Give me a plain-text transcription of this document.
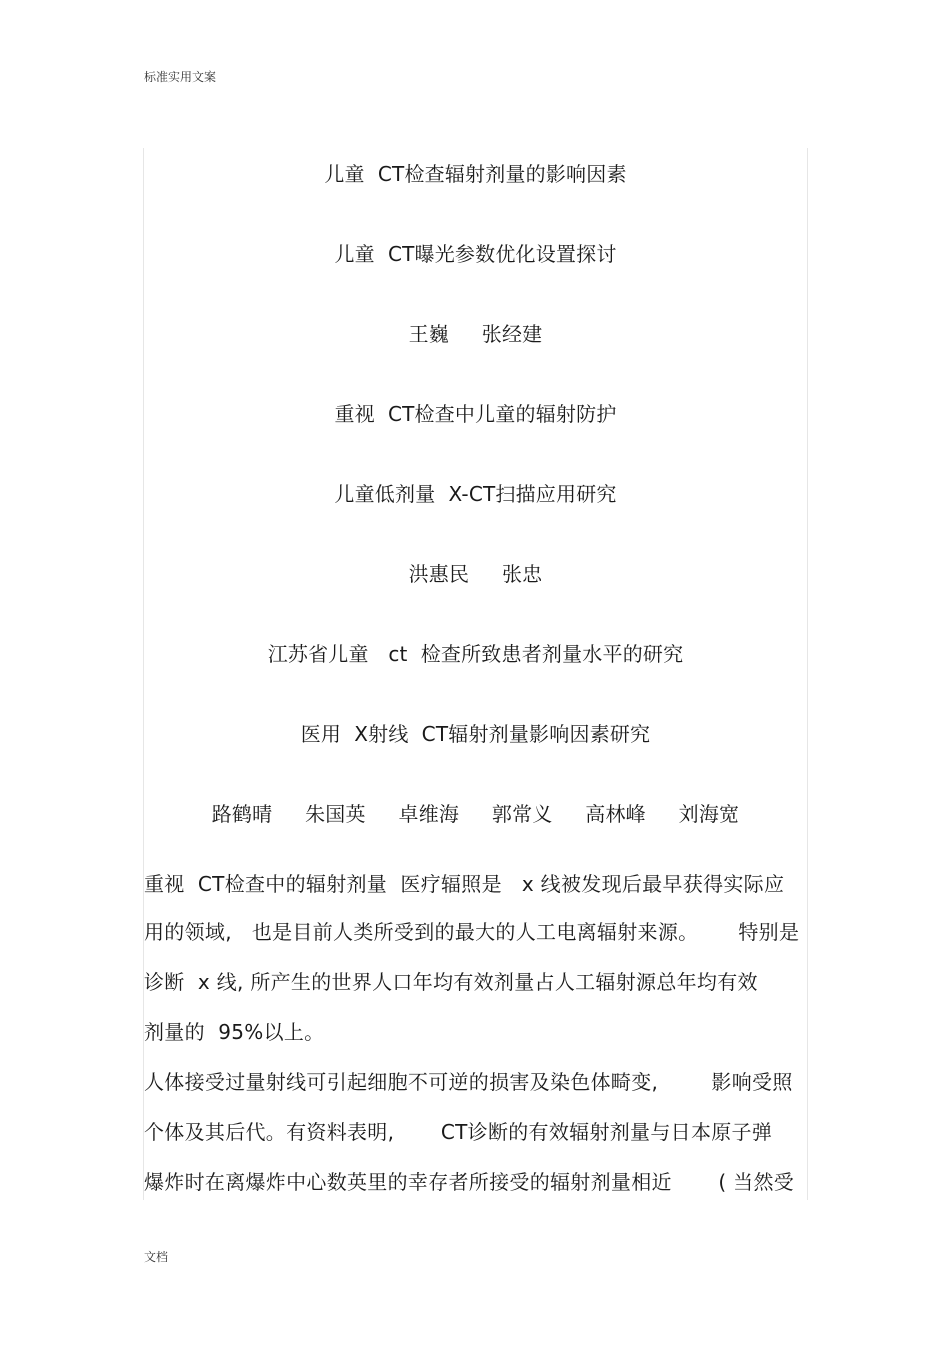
标准实用文案
儿童  CT检查辐射剂量的影响因素
儿童  CT曝光参数优化设置探讨
王巍     张经建
重视  CT检查中儿童的辐射防护
儿童低剂量  X-CT扫描应用研究
洪惠民     张忠
江苏省儿童   ct  检查所致患者剂量水平的研究
医用  X射线  CT辐射剂量影响因素研究
路鹤晴     朱国英     卓维海     郭常义     高林峰     刘海宽
重视  CT检查中的辐射剂量  医疗辐照是   x 线被发现后最早获得实际应
用的领域,   也是目前人类所受到的最大的人工电离辐射来源。      特别是
诊断  x 线, 所产生的世界人口年均有效剂量占人工辐射源总年均有效
剂量的  95%以上。
人体接受过量射线可引起细胞不可逆的损害及染色体畸变,        影响受照
个体及其后代。有资料表明,       CT诊断的有效辐射剂量与日本原子弹
爆炸时在离爆炸中心数英里的幸存者所接受的辐射剂量相近       ( 当然受
文档
